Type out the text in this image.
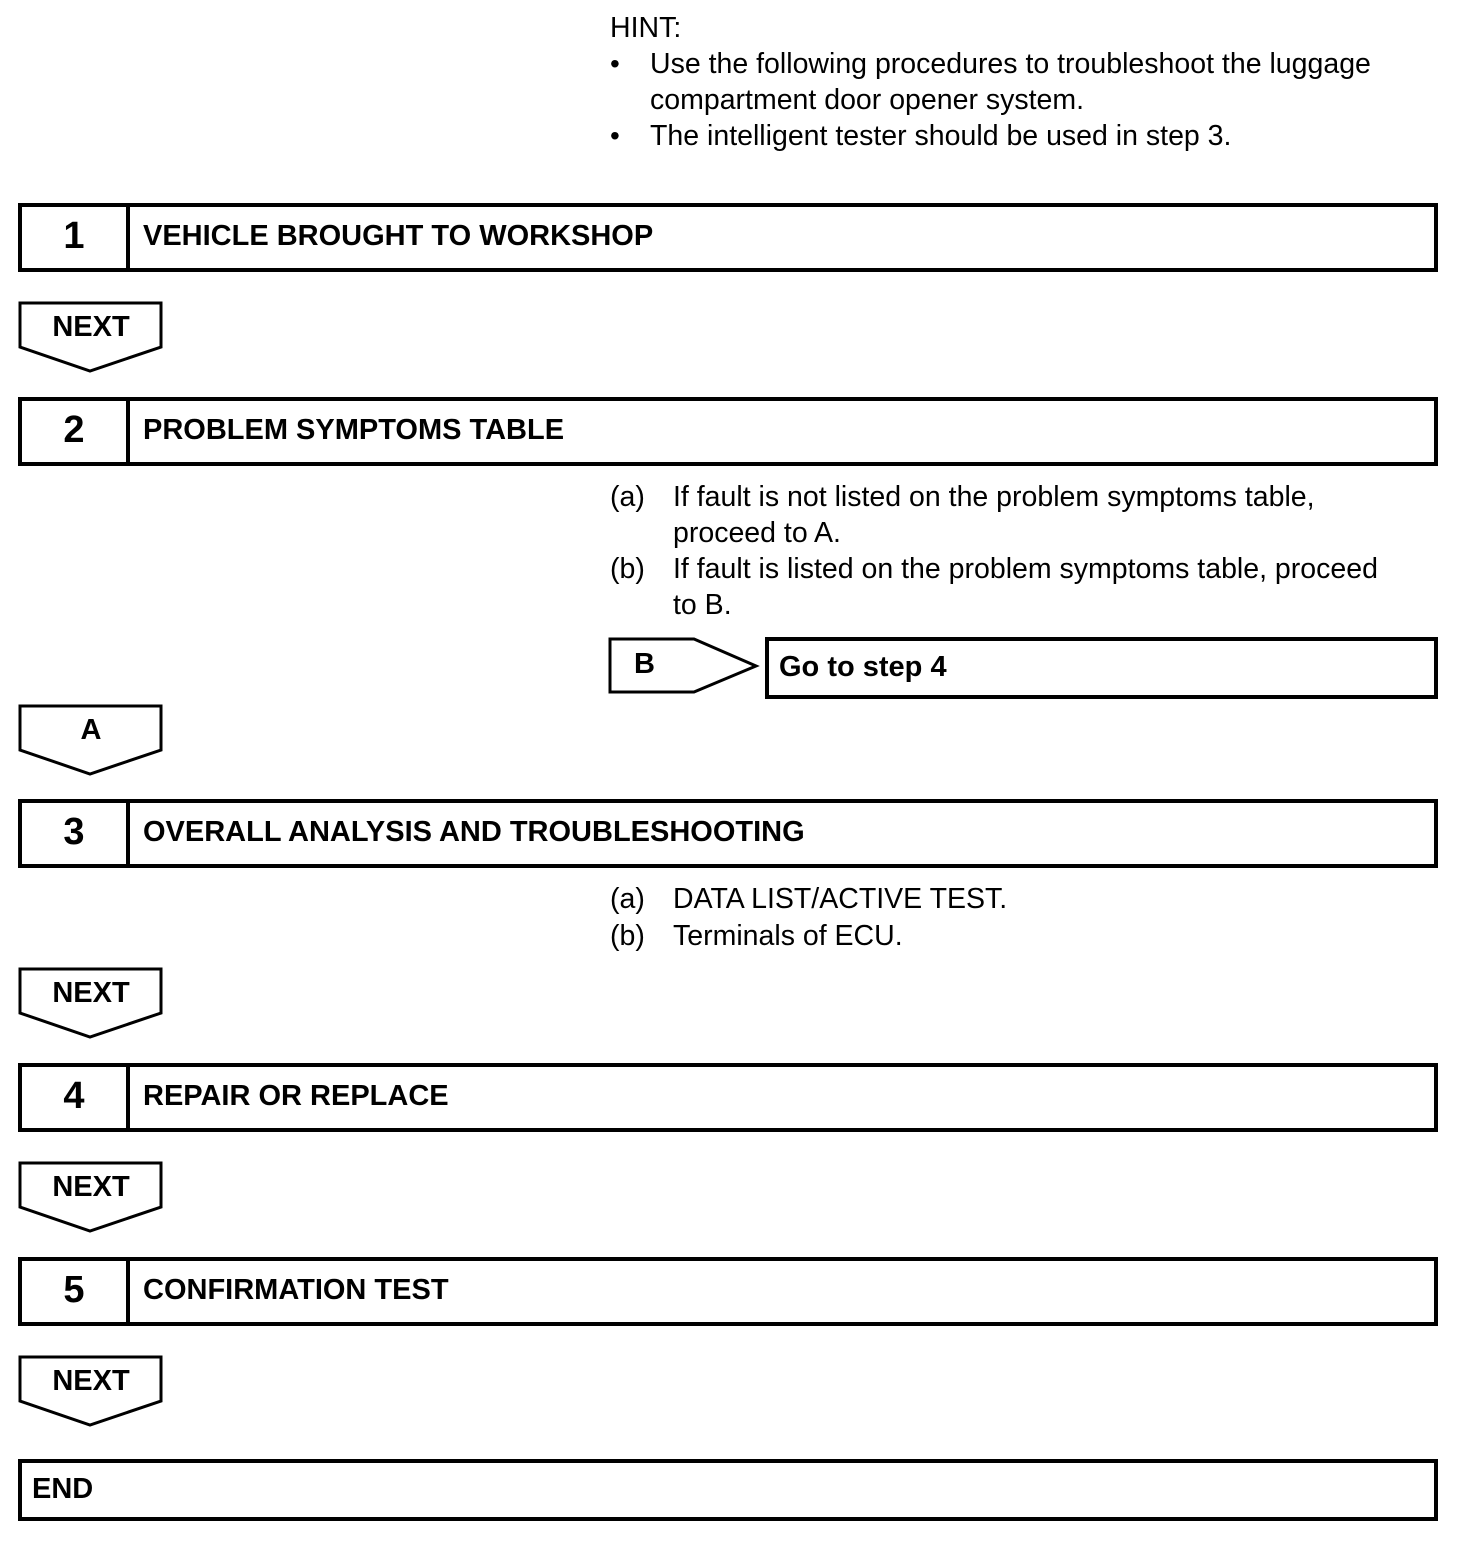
HINT:
• Use the following procedures to troubleshoot the luggage
compartment door opener system.
• The intelligent tester should be used in step 3.
1	VEHICLE BROUGHT TO WORKSHOP
NEXT
2	PROBLEM SYMPTOMS TABLE
(a) If fault is not listed on the problem symptoms table,
proceed to A.
(b) If fault is listed on the problem symptoms table, proceed
to B.
B	Go to step 4
A
3	OVERALL ANALYSIS AND TROUBLESHOOTING
(a) DATA LIST/ACTIVE TEST.
(b) Terminals of ECU.
NEXT
4	REPAIR OR REPLACE
NEXT
5	CONFIRMATION TEST
NEXT
END
